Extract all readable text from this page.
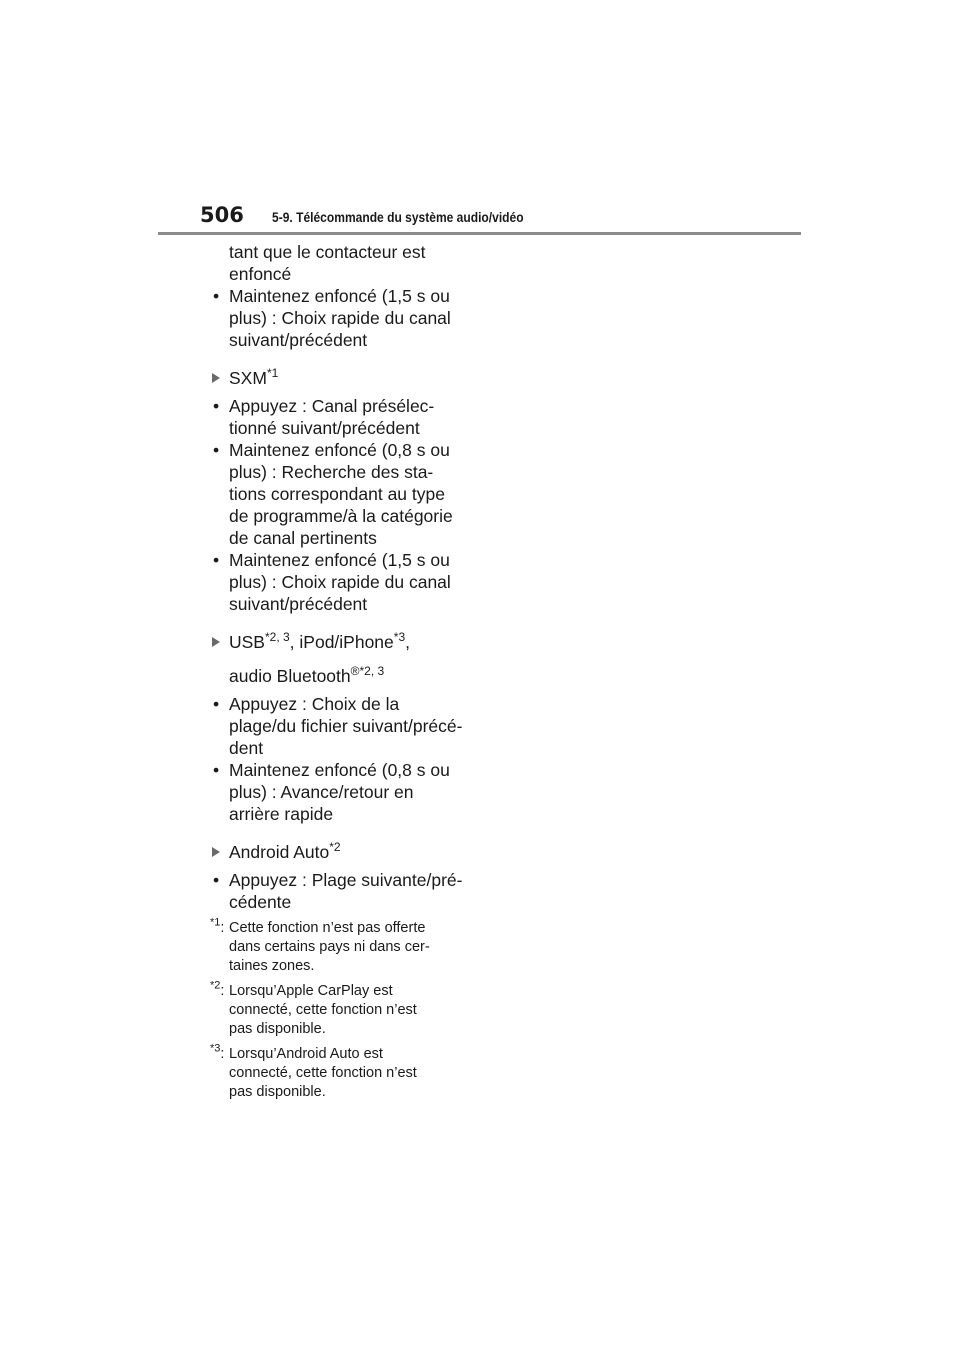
506 5-9. Télécommande du système audio/vidéo
tant que le contacteur est
enfoncé
• Maintenez enfoncé (1,5 s ou
plus) : Choix rapide du canal
suivant/précédent
SXM$^{*1}$
• Appuyez : Canal présélec-
tionné suivant/précédent
• Maintenez enfoncé (0,8 s ou
plus) : Recherche des sta-
tions correspondant au type
de programme/à la catégorie
de canal pertinents
• Maintenez enfoncé (1,5 s ou
plus) : Choix rapide du canal
suivant/précédent
USB$^{*2, 3}$, iPod/iPhone$^{*3}$,
audio Bluetooth$^{®*2, 3}$
• Appuyez : Choix de la
plage/du fichier suivant/précé-
dent
• Maintenez enfoncé (0,8 s ou
plus) : Avance/retour en
arrière rapide
Android Auto$^{*2}$
• Appuyez : Plage suivante/pré-
cédente
$^{*1}$: Cette fonction n’est pas offerte
dans certains pays ni dans cer-
taines zones.
$^{*2}$: Lorsqu’Apple CarPlay est
connecté, cette fonction n’est
pas disponible.
$^{*3}$: Lorsqu’Android Auto est
connecté, cette fonction n’est
pas disponible.
